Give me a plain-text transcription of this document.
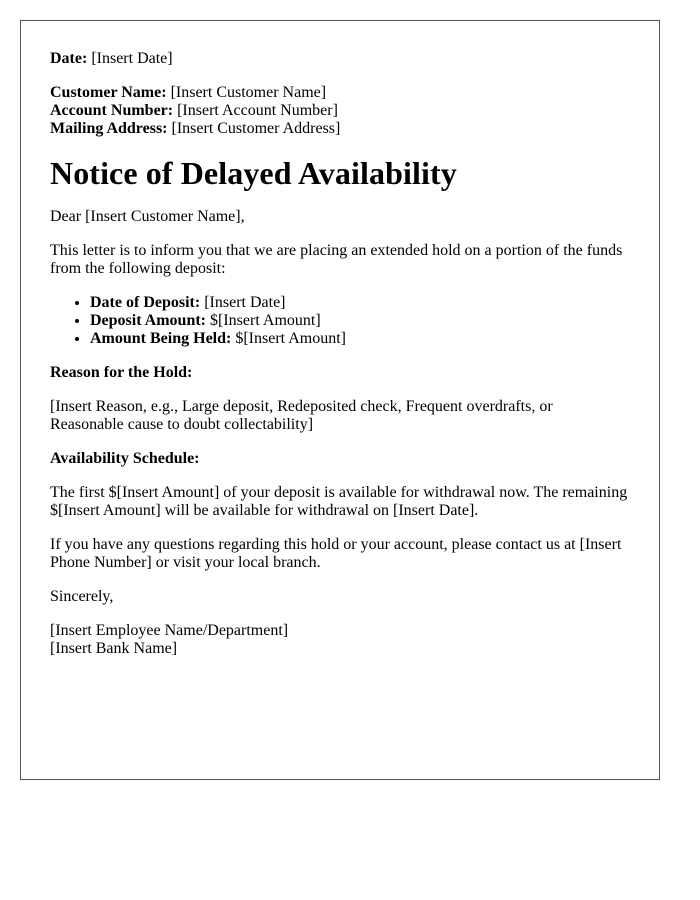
Date: [Insert Date]

Customer Name: [Insert Customer Name]

Account Number: [Insert Account Number]

Mailing Address: [Insert Customer Address]

Notice of Delayed Availability

Dear [Insert Customer Name],

This letter is to inform you that we are placing an extended hold on a portion of the funds from the following deposit:

• Date of Deposit: [Insert Date]
• Deposit Amount: $[Insert Amount]
• Amount Being Held: $[Insert Amount]

Reason for the Hold:

[Insert Reason, e.g., Large deposit, Redeposited check, Frequent overdrafts, or Reasonable cause to doubt collectability]

Availability Schedule:

The first $[Insert Amount] of your deposit is available for withdrawal now. The remaining $[Insert Amount] will be available for withdrawal on [Insert Date].

If you have any questions regarding this hold or your account, please contact us at [Insert Phone Number] or visit your local branch.

Sincerely,

[Insert Employee Name/Department]

[Insert Bank Name]
